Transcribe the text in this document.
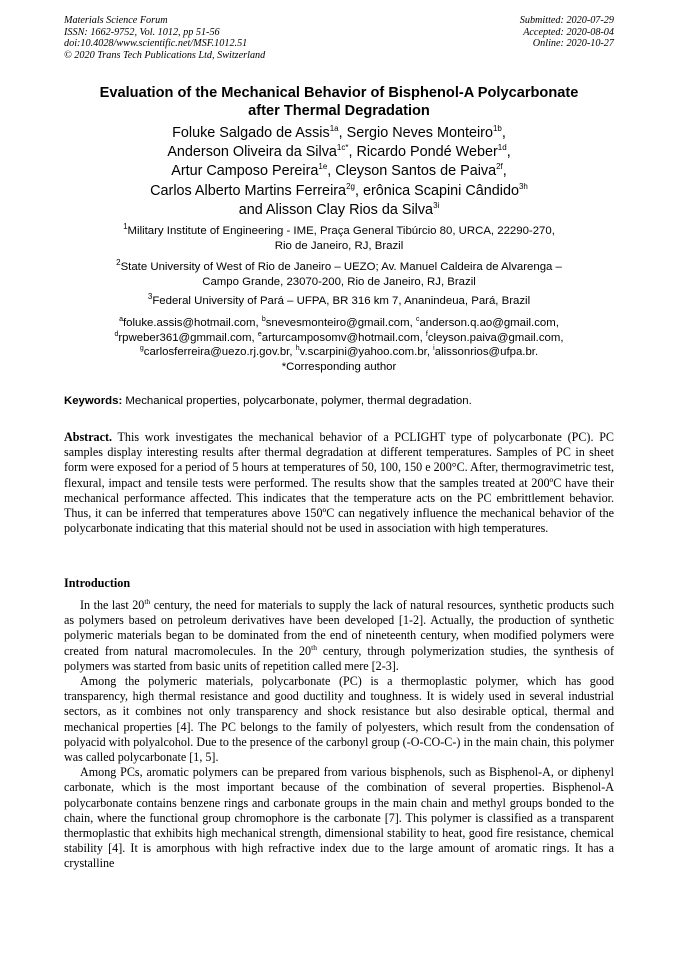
Materials Science Forum
ISSN: 1662-9752, Vol. 1012, pp 51-56
doi:10.4028/www.scientific.net/MSF.1012.51
© 2020 Trans Tech Publications Ltd, Switzerland
Submitted: 2020-07-29
Accepted: 2020-08-04
Online: 2020-10-27
Evaluation of the Mechanical Behavior of Bisphenol-A Polycarbonate
after Thermal Degradation
Foluke Salgado de Assis$^{1a}$, Sergio Neves Monteiro$^{1b}$,
Anderson Oliveira da Silva$^{1c*}$, Ricardo Pondé Weber$^{1d}$,
Artur Camposo Pereira$^{1e}$, Cleyson Santos de Paiva$^{2f}$,
Carlos Alberto Martins Ferreira$^{2g}$, erônica Scapini Cândido$^{3h}$
and Alisson Clay Rios da Silva$^{3i}$
$^1$Military Institute of Engineering - IME, Praça General Tibúrcio 80, URCA, 22290-270,
Rio de Janeiro, RJ, Brazil
$^2$State University of West of Rio de Janeiro – UEZO; Av. Manuel Caldeira de Alvarenga –
Campo Grande, 23070-200, Rio de Janeiro, RJ, Brazil
$^3$Federal University of Pará – UFPA, BR 316 km 7, Ananindeua, Pará, Brazil
$^a$foluke.assis@hotmail.com, $^b$snevesmonteiro@gmail.com, $^c$anderson.q.ao@gmail.com,
$^d$rpweber361@gmmail.com, $^e$arturcamposomv@hotmail.com, $^f$cleyson.paiva@gmail.com,
$^g$carlosferreira@uezo.rj.gov.br, $^h$v.scarpini@yahoo.com.br, $^i$alissonrios@ufpa.br.
*Corresponding author
Keywords: Mechanical properties, polycarbonate, polymer, thermal degradation.
Abstract. This work investigates the mechanical behavior of a PCLIGHT type of polycarbonate (PC). PC samples display interesting results after thermal degradation at different temperatures. Samples of PC in sheet form were exposed for a period of 5 hours at temperatures of 50, 100, 150 e 200°C. After, thermogravimetric test, flexural, impact and tensile tests were performed. The results show that the samples treated at 200ºC have their mechanical performance affected. This indicates that the temperature acts on the PC embrittlement behavior. Thus, it can be inferred that temperatures above 150ºC can negatively influence the mechanical behavior of the polycarbonate indicating that this material should not be used in association with high temperatures.
Introduction

In the last 20th century, the need for materials to supply the lack of natural resources, synthetic products such as polymers based on petroleum derivatives have been developed [1-2]. Actually, the production of synthetic polymeric materials began to be dominated from the end of nineteenth century, when modified polymers were created from natural macromolecules. In the 20th century, through polymerization studies, the synthesis of polymers was started from basic units of repetition called mere [2-3].

Among the polymeric materials, polycarbonate (PC) is a thermoplastic polymer, which has good transparency, high thermal resistance and good ductility and toughness. It is widely used in several industrial sectors, as it combines not only transparency and shock resistance but also desirable optical, thermal and mechanical properties [4]. The PC belongs to the family of polyesters, which result from the condensation of polyacid with polyalcohol. Due to the presence of the carbonyl group (-O-CO-C-) in the main chain, this polymer was called polycarbonate [1, 5].

Among PCs, aromatic polymers can be prepared from various bisphenols, such as Bisphenol-A, or diphenyl carbonate, which is the most important because of the combination of several properties. Bisphenol-A polycarbonate contains benzene rings and carbonate groups in the main chain and methyl groups bonded to the chain, where the functional group chromophore is the carbonate [7]. This polymer is classified as a transparent thermoplastic that exhibits high mechanical strength, dimensional stability to heat, good fire resistance, chemical stability [4]. It is amorphous with high refractive index due to the large amount of aromatic rings. It has a crystalline
